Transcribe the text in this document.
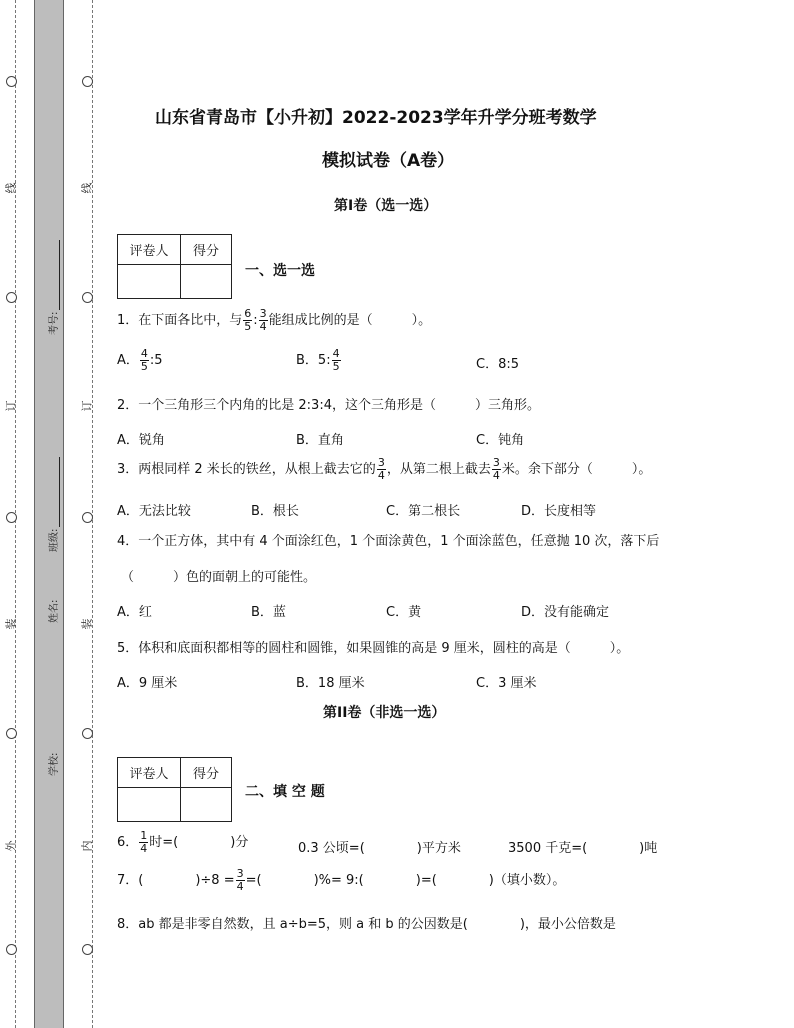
线
订
装
外
线
订
装
内
考号:
班级:
姓名:
学校:
山东省青岛市【小升初】2022-2023学年升学分班考数学
模拟试卷（A卷）
第I卷（选一选）
评卷人	得分

一、选一选
1．在下面各比中，与 $\frac{6}{5}$ : $\frac{3}{4}$ 能组成比例的是（　　　）。
A． $\frac{4}{5}$ :5	B．5: $\frac{4}{5}$	C．8:5
2．一个三角形三个内角的比是 2:3:4，这个三角形是（　　　）三角形。
A．锐角	B．直角	C．钝角
3．两根同样 2 米长的铁丝，从根上截去它的 $\frac{3}{4}$ ，从第二根上截去 $\frac{3}{4}$ 米。余下部分（　　　）。
A．无法比较	B．根长	C．第二根长	D．长度相等
4．一个正方体，其中有 4 个面涂红色，1 个面涂黄色，1 个面涂蓝色，任意抛 10 次，落下后
（　　　）色的面朝上的可能性。
A．红	B．蓝	C．黄	D．没有能确定
5．体积和底面积都相等的圆柱和圆锥，如果圆锥的高是 9 厘米，圆柱的高是（　　　）。
A．9 厘米	B．18 厘米	C．3 厘米
第II卷（非选一选）
评卷人	得分

二、填 空 题
6． $\frac{1}{4}$ 时=(　　　　)分	0.3 公顷=(　　　　)平方米	3500 千克=(　　　　)吨
7．(　　　　)$\div 8 = \frac{3}{4}$ =(　　　　)%= 9:(　　　　)=(　　　　)（填小数）。
8．ab 都是非零自然数，且 a÷b=5，则 a 和 b 的公因数是(　　　　)，最小公倍数是
